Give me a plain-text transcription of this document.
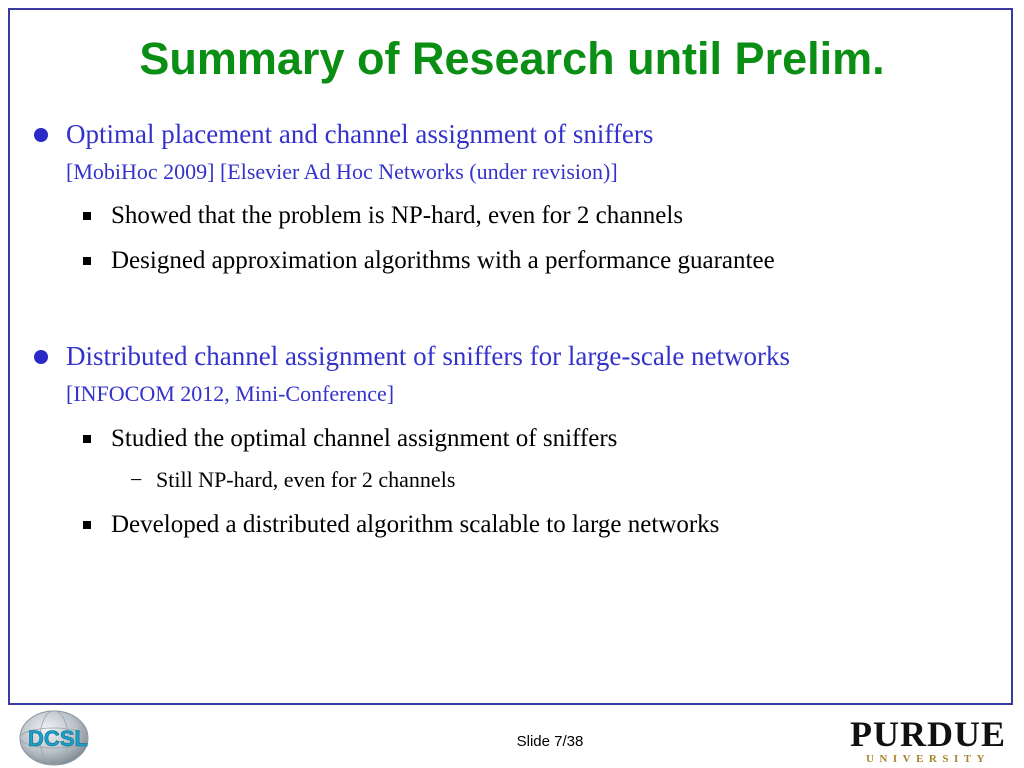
Summary of Research until Prelim.
Optimal placement and channel assignment of sniffers
[MobiHoc 2009] [Elsevier Ad Hoc Networks (under revision)]
Showed that the problem is NP-hard, even for 2 channels
Designed approximation algorithms with a performance guarantee
Distributed channel assignment of sniffers for large-scale networks
[INFOCOM 2012, Mini-Conference]
Studied the optimal channel assignment of sniffers
− Still NP-hard, even for 2 channels
Developed a distributed algorithm scalable to large networks
DCSL	Slide 7/38	PURDUE
UNIVERSITY
